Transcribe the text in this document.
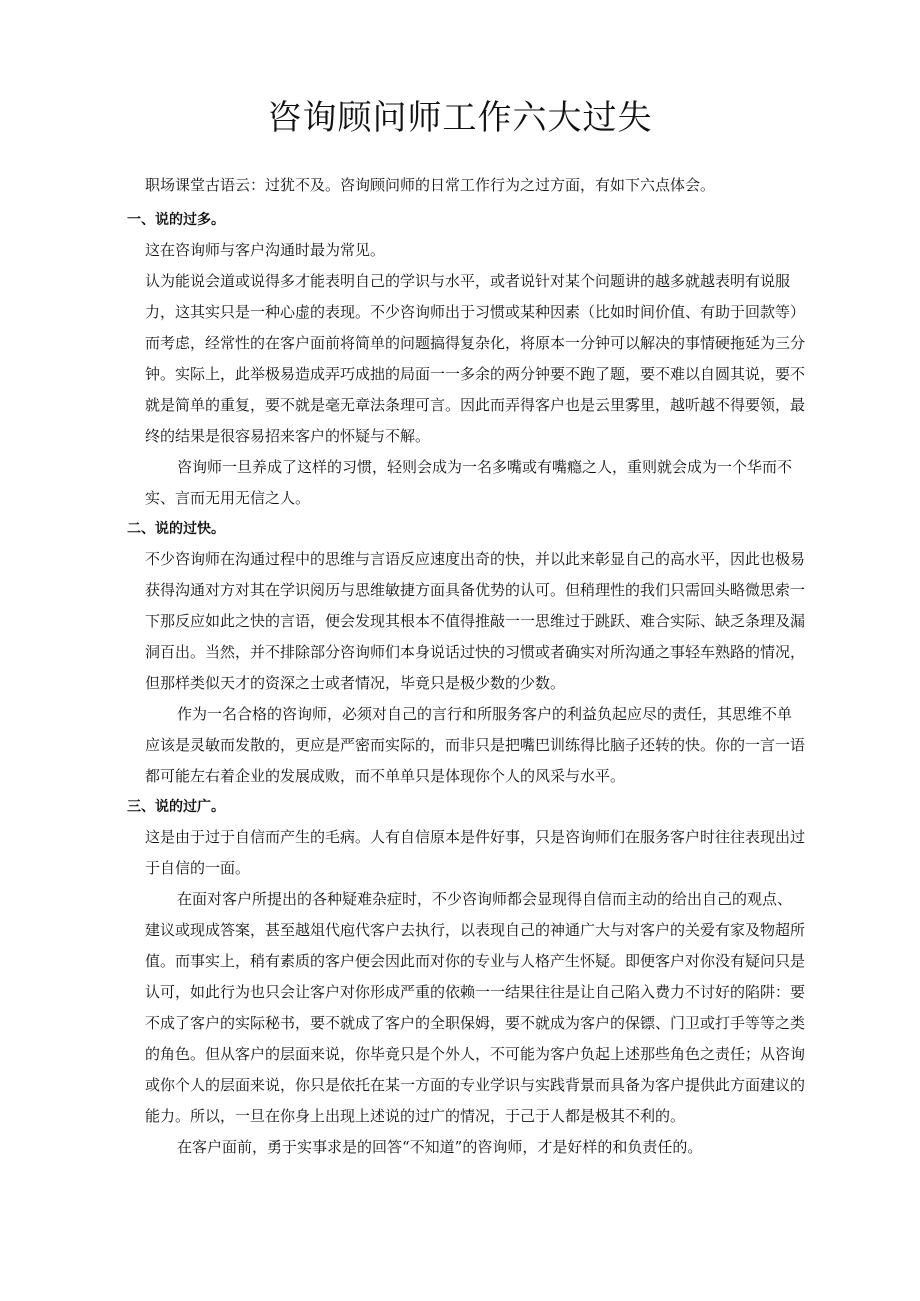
咨询顾问师工作六大过失

职场课堂古语云：过犹不及。咨询顾问师的日常工作行为之过方面，有如下六点体会。

一、说的过多。

这在咨询师与客户沟通时最为常见。

认为能说会道或说得多才能表明自己的学识与水平，或者说针对某个问题讲的越多就越表明有说服力，这其实只是一种心虚的表现。不少咨询师出于习惯或某种因素（比如时间价值、有助于回款等）而考虑，经常性的在客户面前将简单的问题搞得复杂化，将原本一分钟可以解决的事情硬拖延为三分钟。实际上，此举极易造成弄巧成拙的局面一一多余的两分钟要不跑了题，要不难以自圆其说，要不就是简单的重复，要不就是毫无章法条理可言。因此而弄得客户也是云里雾里，越听越不得要领，最终的结果是很容易招来客户的怀疑与不解。

咨询师一旦养成了这样的习惯，轻则会成为一名多嘴或有嘴瘾之人，重则就会成为一个华而不实、言而无用无信之人。

二、说的过快。

不少咨询师在沟通过程中的思维与言语反应速度出奇的快，并以此来彰显自己的高水平，因此也极易获得沟通对方对其在学识阅历与思维敏捷方面具备优势的认可。但稍理性的我们只需回头略微思索一下那反应如此之快的言语，便会发现其根本不值得推敲一一思维过于跳跃、难合实际、缺乏条理及漏洞百出。当然，并不排除部分咨询师们本身说话过快的习惯或者确实对所沟通之事轻车熟路的情况，但那样类似天才的资深之士或者情况，毕竟只是极少数的少数。

作为一名合格的咨询师，必须对自己的言行和所服务客户的利益负起应尽的责任，其思维不单应该是灵敏而发散的，更应是严密而实际的，而非只是把嘴巴训练得比脑子还转的快。你的一言一语都可能左右着企业的发展成败，而不单单只是体现你个人的风采与水平。

三、说的过广。

这是由于过于自信而产生的毛病。人有自信原本是件好事，只是咨询师们在服务客户时往往表现出过于自信的一面。

在面对客户所提出的各种疑难杂症时，不少咨询师都会显现得自信而主动的给出自己的观点、建议或现成答案，甚至越俎代庖代客户去执行，以表现自己的神通广大与对客户的关爱有家及物超所值。而事实上，稍有素质的客户便会因此而对你的专业与人格产生怀疑。即便客户对你没有疑问只是认可，如此行为也只会让客户对你形成严重的依赖一一结果往往是让自己陷入费力不讨好的陷阱：要不成了客户的实际秘书，要不就成了客户的全职保姆，要不就成为客户的保镖、门卫或打手等等之类的角色。但从客户的层面来说，你毕竟只是个外人，不可能为客户负起上述那些角色之责任；从咨询或你个人的层面来说，你只是依托在某一方面的专业学识与实践背景而具备为客户提供此方面建议的能力。所以，一旦在你身上出现上述说的过广的情况，于己于人都是极其不利的。

在客户面前，勇于实事求是的回答“不知道”的咨询师，才是好样的和负责任的。
